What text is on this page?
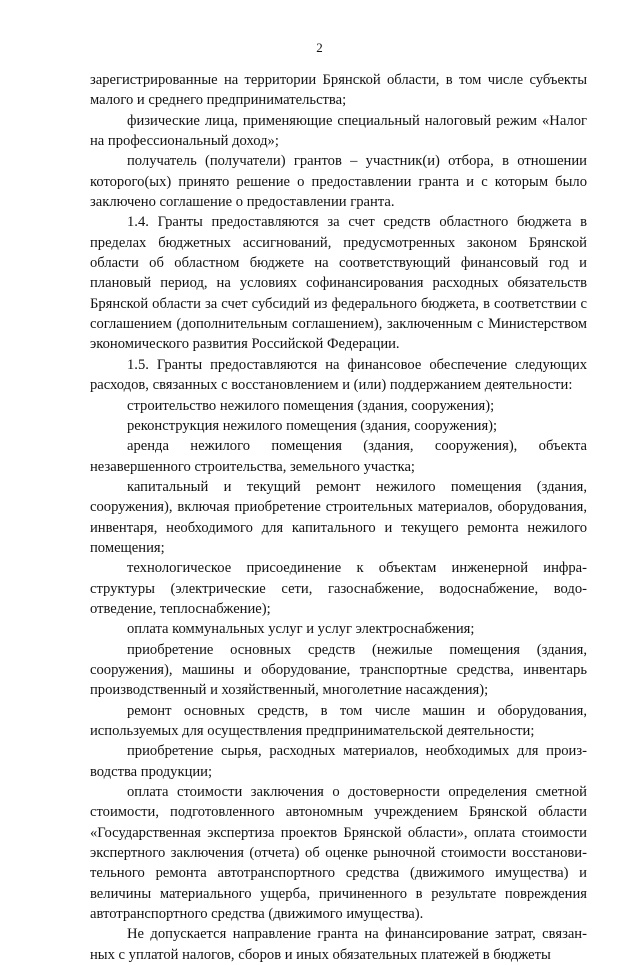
2

зарегистрированные на территории Брянской области, в том числе субъекты малого и среднего предпринимательства;

физические лица, применяющие специальный налоговый режим «Налог на профессиональный доход»;

получатель (получатели) грантов – участник(и) отбора, в отношении которого(ых) принято решение о предоставлении гранта и с которым было заключено соглашение о предоставлении гранта.

1.4. Гранты предоставляются за счет средств областного бюджета в пределах бюджетных ассигнований, предусмотренных законом Брянской области об областном бюджете на соответствующий финансовый год и плановый период, на условиях софинансирования расходных обязательств Брянской области за счет субсидий из федерального бюджета, в соответствии с соглашением (дополнительным соглашением), заключенным с Министерством экономического развития Российской Федерации.

1.5. Гранты предоставляются на финансовое обеспечение следующих расходов, связанных с восстановлением и (или) поддержанием деятельности:

строительство нежилого помещения (здания, сооружения);

реконструкция нежилого помещения (здания, сооружения);

аренда нежилого помещения (здания, сооружения), объекта незавершенного строительства, земельного участка;

капитальный и текущий ремонт нежилого помещения (здания, сооружения), включая приобретение строительных материалов, оборудования, инвентаря, необходимого для капитального и текущего ремонта нежилого помещения;

технологическое присоединение к объектам инженерной инфраструктуры (электрические сети, газоснабжение, водоснабжение, водоотведение, теплоснабжение);

оплата коммунальных услуг и услуг электроснабжения;

приобретение основных средств (нежилые помещения (здания, сооружения), машины и оборудование, транспортные средства, инвентарь производственный и хозяйственный, многолетние насаждения);

ремонт основных средств, в том числе машин и оборудования, используемых для осуществления предпринимательской деятельности;

приобретение сырья, расходных материалов, необходимых для производства продукции;

оплата стоимости заключения о достоверности определения сметной стоимости, подготовленного автономным учреждением Брянской области «Государственная экспертиза проектов Брянской области», оплата стоимости экспертного заключения (отчета) об оценке рыночной стоимости восстановительного ремонта автотранспортного средства (движимого имущества) и величины материального ущерба, причиненного в результате повреждения автотранспортного средства (движимого имущества).

Не допускается направление гранта на финансирование затрат, связанных с уплатой налогов, сборов и иных обязательных платежей в бюджеты
